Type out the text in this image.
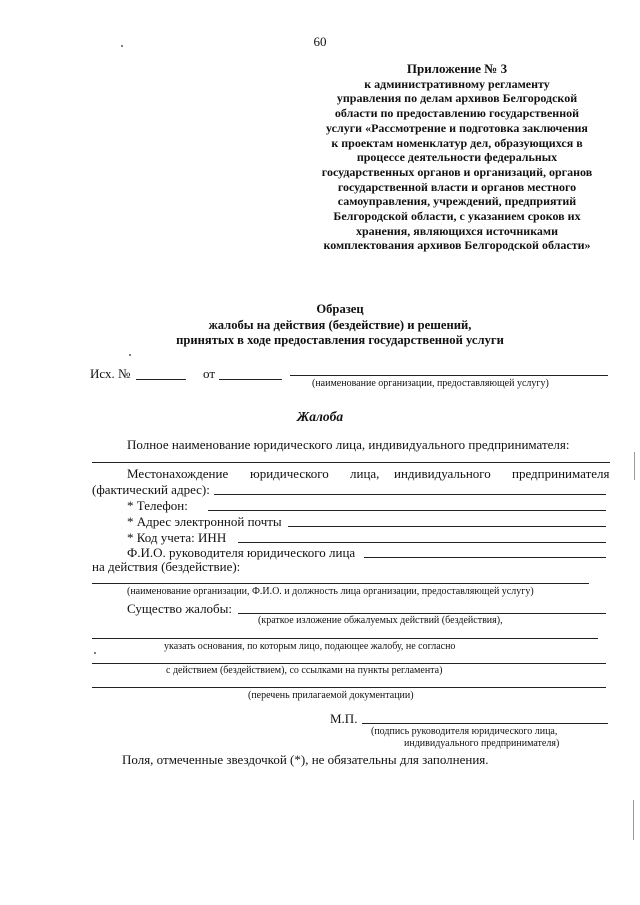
60
Приложение № 3
к административному регламенту
управления по делам архивов Белгородской
области по предоставлению государственной
услуги «Рассмотрение и подготовка заключения
к проектам номенклатур дел, образующихся в
процессе деятельности федеральных
государственных органов и организаций, органов
государственной власти и органов местного
самоуправления, учреждений, предприятий
Белгородской области, с указанием сроков их
хранения, являющихся источниками
комплектования архивов Белгородской области»
Образец
жалобы на действия (бездействие) и решений,
принятых в ходе предоставления государственной услуги
Исх. №	от
(наименование организации, предоставляющей услугу)
Жалоба
Полное наименование юридического лица, индивидуального предпринимателя:
Местонахождение юридического лица, индивидуального предпринимателя
(фактический адрес):
* Телефон:
* Адрес электронной почты
* Код учета: ИНН
Ф.И.О. руководителя юридического лица
на действия (бездействие):
(наименование организации, Ф.И.О. и должность лица организации, предоставляющей услугу)
Существо жалобы:
(краткое изложение обжалуемых действий (бездействия),
указать основания, по которым лицо, подающее жалобу, не согласно
с действием (бездействием), со ссылками на пункты регламента)
(перечень прилагаемой документации)
М.П.
(подпись руководителя юридического лица,
индивидуального предпринимателя)
Поля, отмеченные звездочкой (*), не обязательны для заполнения.
